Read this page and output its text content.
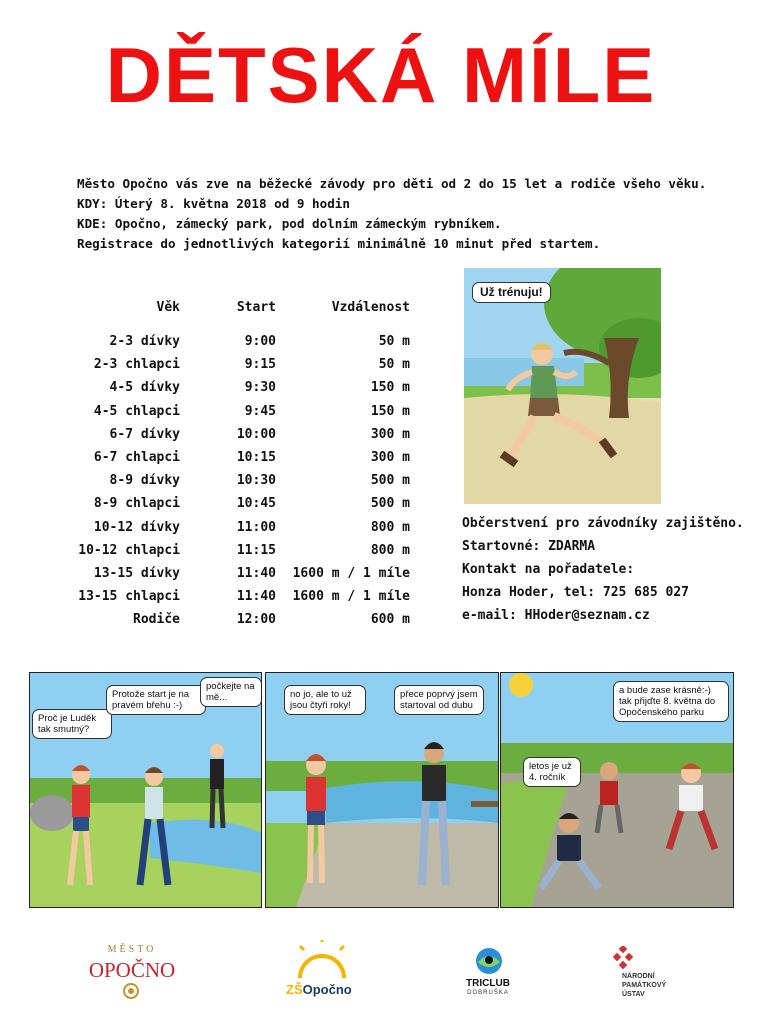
DĚTSKÁ MÍLE
Město Opočno vás zve na běžecké závody pro děti od 2 do 15 let a rodiče všeho věku.
KDY: Úterý 8. května 2018 od 9 hodin
KDE: Opočno, zámecký park, pod dolním zámeckým rybníkem.
Registrace do jednotlivých kategorií minimálně 10 minut před startem.
Věk	Start	Vzdálenost

2-3 dívky	9:00	50 m
2-3 chlapci	9:15	50 m
4-5 dívky	9:30	150 m
4-5 chlapci	9:45	150 m
6-7 dívky	10:00	300 m
6-7 chlapci	10:15	300 m
8-9 dívky	10:30	500 m
8-9 chlapci	10:45	500 m
10-12 dívky	11:00	800 m
10-12 chlapci	11:15	800 m
13-15 dívky	11:40	1600 m / 1 míle
13-15 chlapci	11:40	1600 m / 1 míle
Rodiče	12:00	600 m
Už trénuju!
Občerstvení pro závodníky zajištěno.
Startovné: ZDARMA
Kontakt na pořadatele:
Honza Hoder, tel: 725 685 027
e-mail: HHoder@seznam.cz
Proč je Luděk tak smutný?
Protože start je na pravém břehu :-)
počkejte na mě...	no jo, ale to už jsou čtyři roky!
přece poprvý jsem startoval od dubu
a bude zase krásně:-) tak přijďte 8. května do Opočenského parku
letos je už 4. ročník
MĚSTO
OPOČNO
ZŠOpočno	TRICLUB
DOBRUŠKA
NÁRODNÍ
PAMÁTKOVÝ
ÚSTAV
